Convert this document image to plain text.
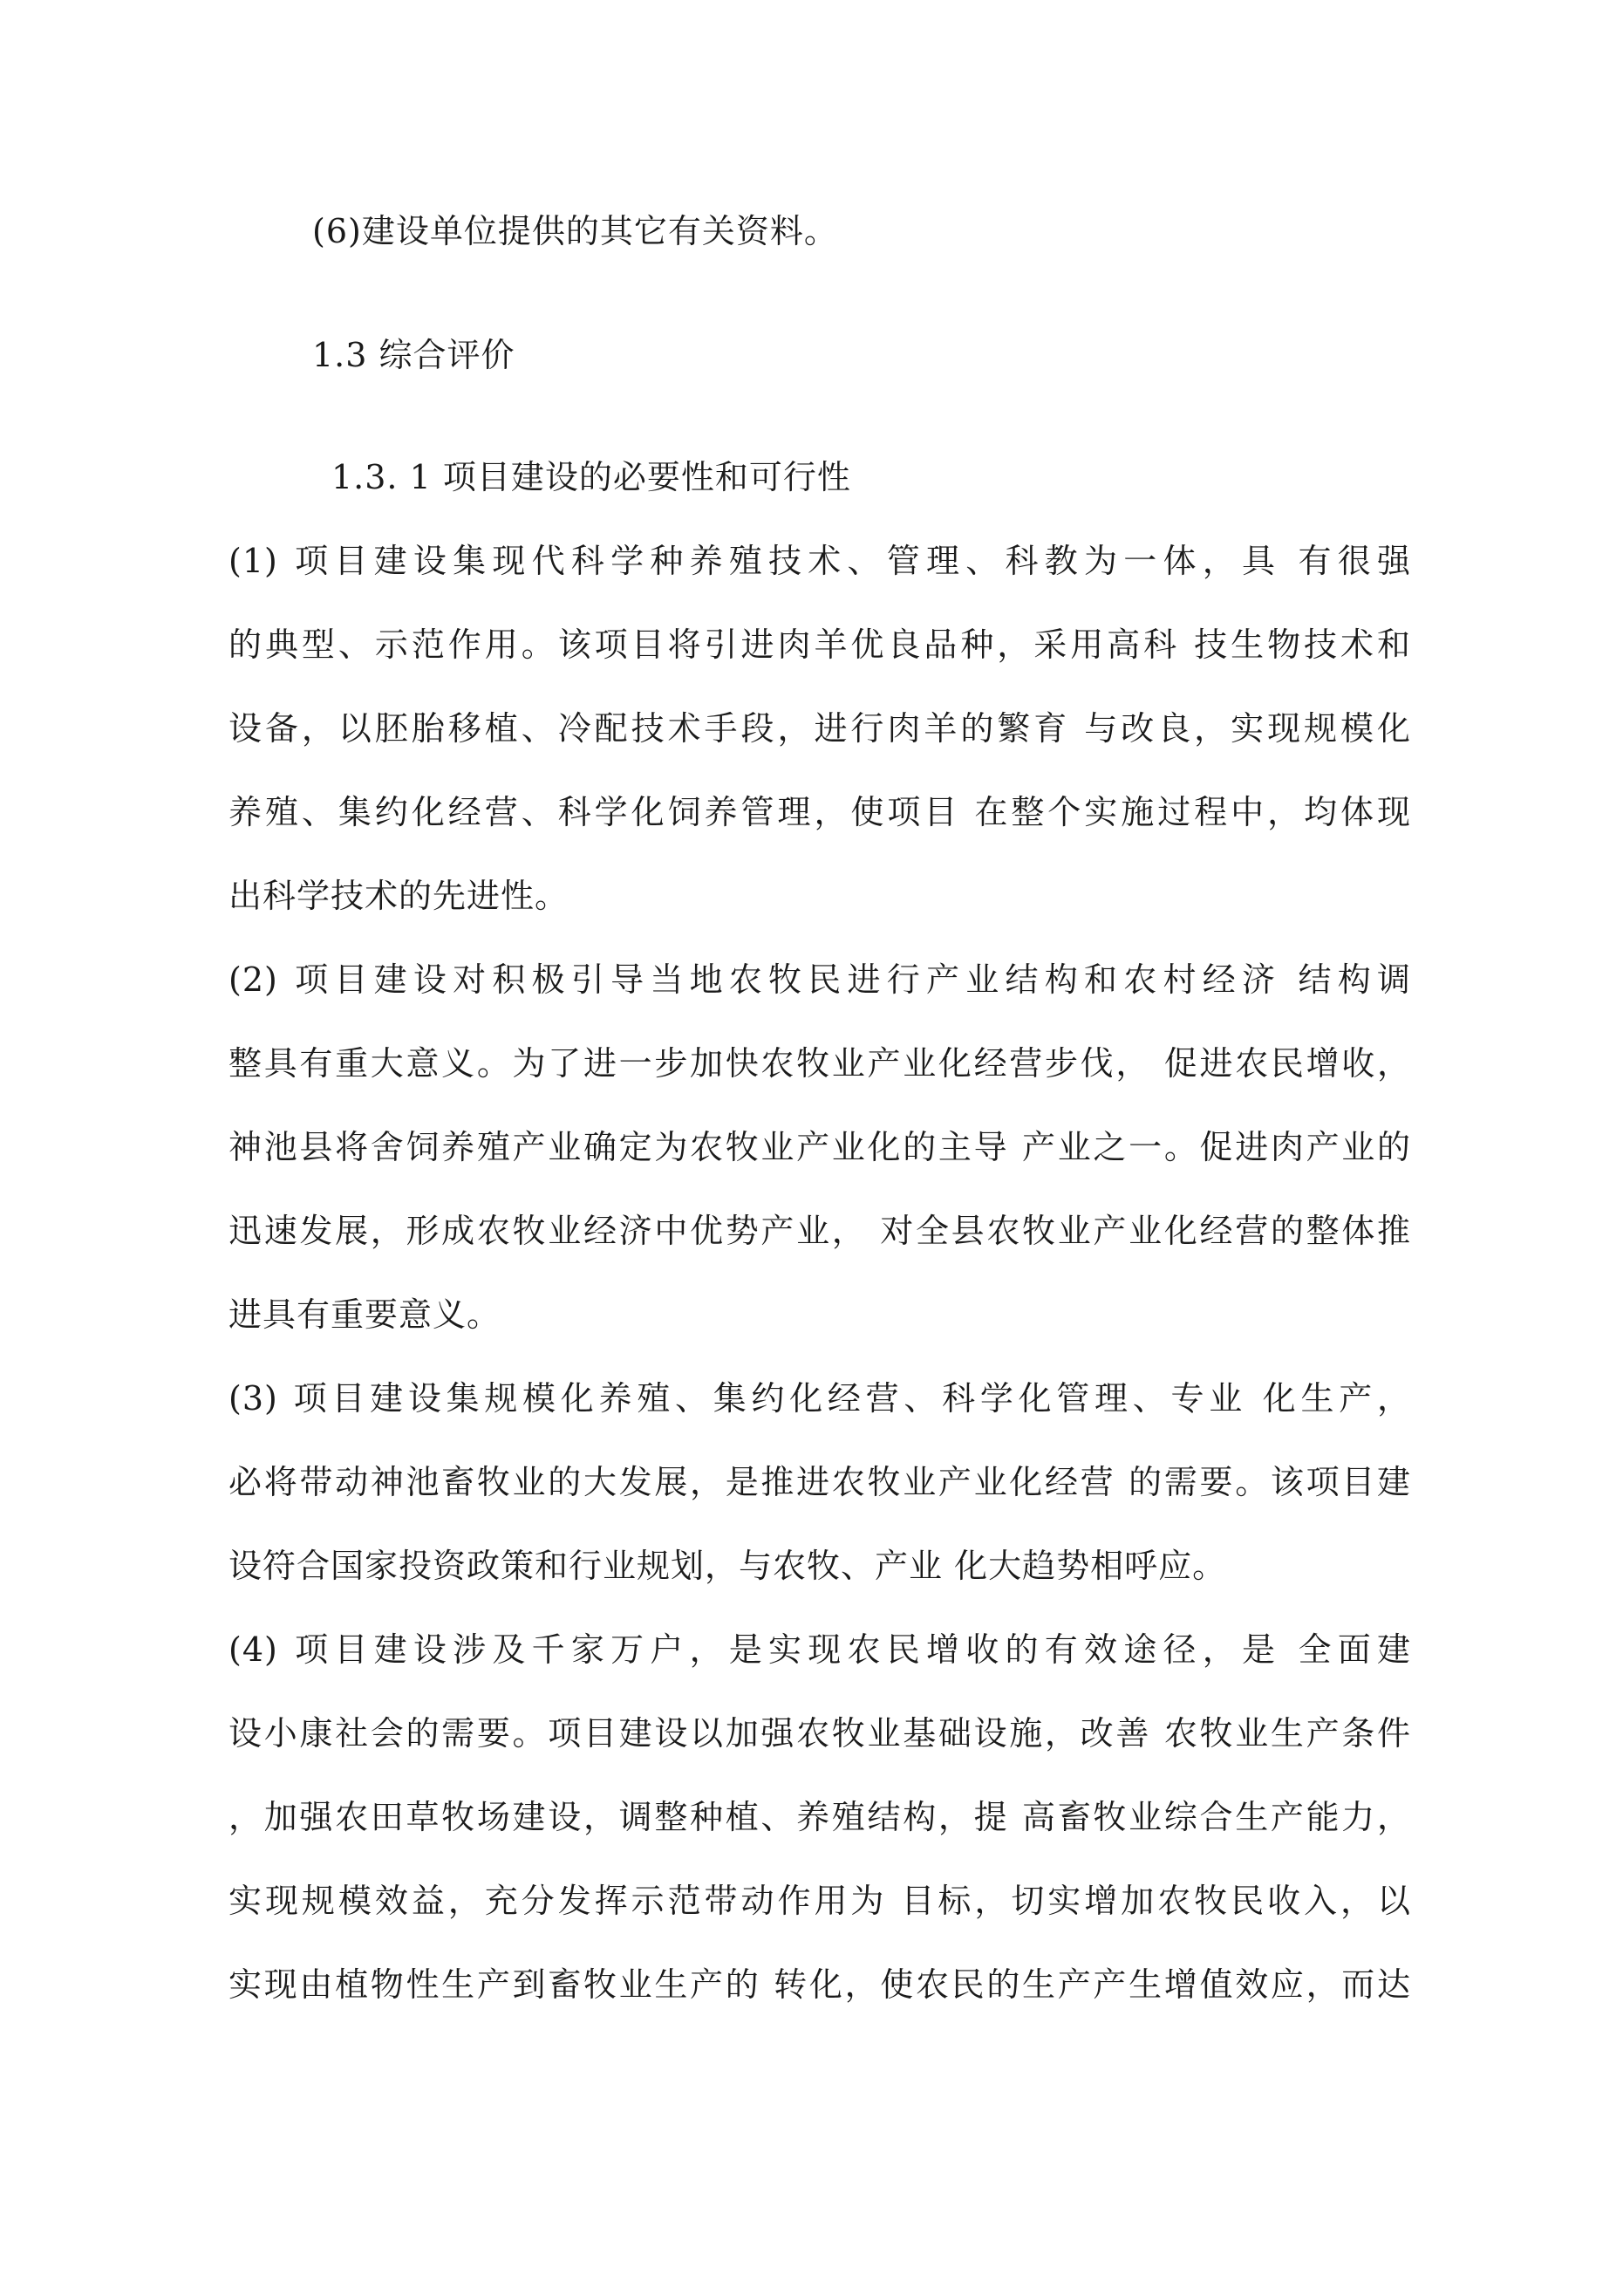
(6)建设单位提供的其它有关资料。
1.3 综合评价
1.3. 1 项目建设的必要性和可行性
(1) 项目建设集现代科学种养殖技术、管理、科教为一体，具 有很强
的典型、示范作用。该项目将引进肉羊优良品种，采用高科 技生物技术和
设备，以胚胎移植、冷配技术手段，进行肉羊的繁育 与改良，实现规模化
养殖、集约化经营、科学化饲养管理，使项目 在整个实施过程中，均体现
出科学技术的先进性。
(2) 项目建设对积极引导当地农牧民进行产业结构和农村经济 结构调
整具有重大意义。为了进一步加快农牧业产业化经营步伐， 促进农民增收，
神池县将舍饲养殖产业确定为农牧业产业化的主导 产业之一。促进肉产业的
迅速发展，形成农牧业经济中优势产业， 对全县农牧业产业化经营的整体推
进具有重要意义。
(3) 项目建设集规模化养殖、集约化经营、科学化管理、专业 化生产，
必将带动神池畜牧业的大发展，是推进农牧业产业化经营 的需要。该项目建
设符合国家投资政策和行业规划，与农牧、产业 化大趋势相呼应。
(4) 项目建设涉及千家万户，是实现农民增收的有效途径，是 全面建
设小康社会的需要。项目建设以加强农牧业基础设施，改善 农牧业生产条件
，加强农田草牧场建设，调整种植、养殖结构，提 高畜牧业综合生产能力，
实现规模效益，充分发挥示范带动作用为 目标，切实增加农牧民收入，以
实现由植物性生产到畜牧业生产的 转化，使农民的生产产生增值效应，而达
